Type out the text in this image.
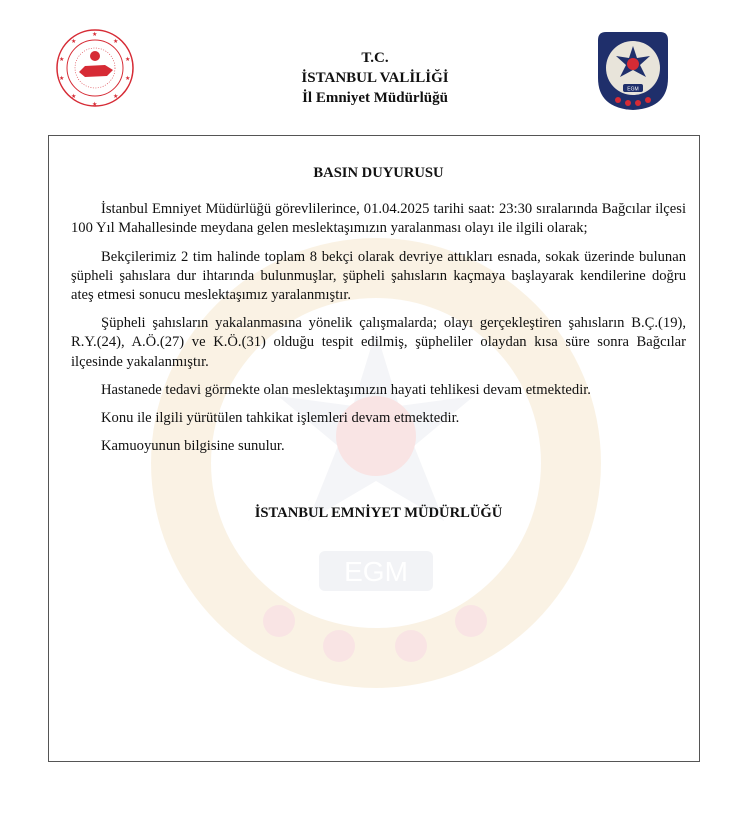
★
★
★
★
★
★
★
★
★
★
EGM
T.C.
İSTANBUL VALİLİĞİ
İl Emniyet Müdürlüğü
EGM
BASIN DUYURUSU

İstanbul Emniyet Müdürlüğü görevlilerince, 01.04.2025 tarihi saat: 23:30 sıralarında Bağcılar ilçesi 100 Yıl Mahallesinde meydana gelen meslektaşımızın yaralanması olayı ile ilgili olarak;

Bekçilerimiz 2 tim halinde toplam 8 bekçi olarak devriye attıkları esnada, sokak üzerinde bulunan şüpheli şahıslara dur ihtarında bulunmuşlar, şüpheli şahısların kaçmaya başlayarak kendilerine doğru ateş etmesi sonucu meslektaşımız yaralanmıştır.

Şüpheli şahısların yakalanmasına yönelik çalışmalarda; olayı gerçekleştiren şahısların B.Ç.(19), R.Y.(24), A.Ö.(27) ve K.Ö.(31) olduğu tespit edilmiş, şüpheliler olaydan kısa süre sonra Bağcılar ilçesinde yakalanmıştır.

Hastanede tedavi görmekte olan meslektaşımızın hayati tehlikesi devam etmektedir.

Konu ile ilgili yürütülen tahkikat işlemleri devam etmektedir.

Kamuoyunun bilgisine sunulur.

İSTANBUL EMNİYET MÜDÜRLÜĞÜ
